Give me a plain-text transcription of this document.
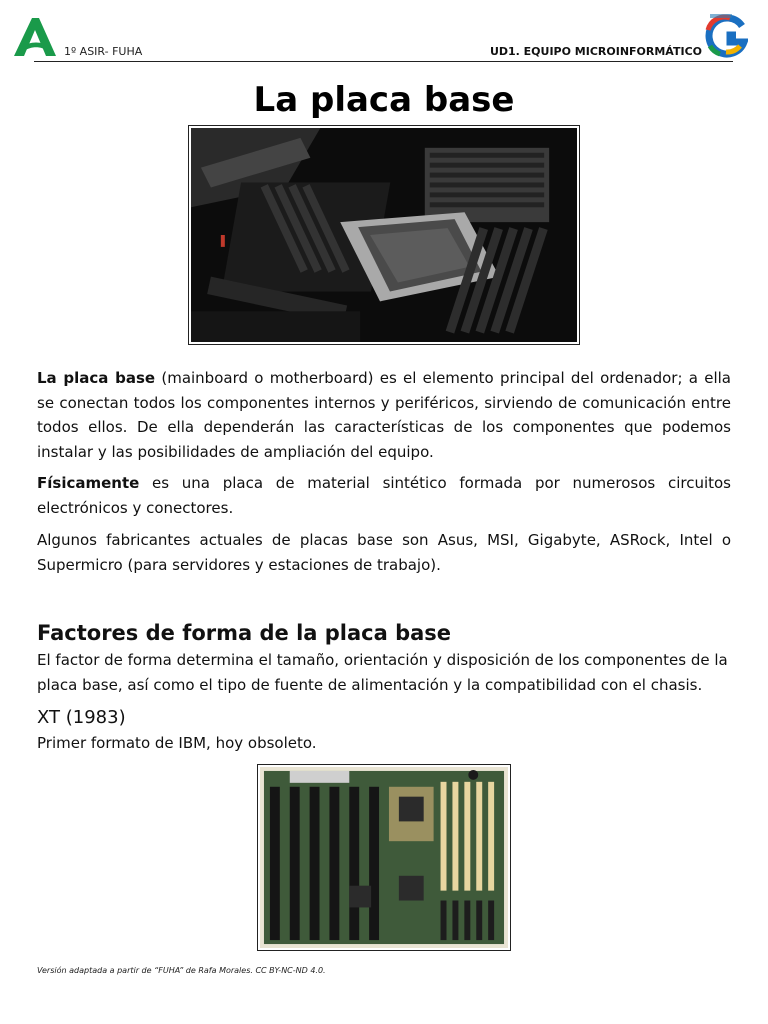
1º ASIR- FUHA	UD1. EQUIPO MICROINFORMÁTICO
La placa base

La placa base (mainboard o motherboard) es el elemento principal del ordenador; a ella se conectan todos los componentes internos y periféricos, sirviendo de comunicación entre todos ellos. De ella dependerán las características de los componentes que podemos instalar y las posibilidades de ampliación del equipo.

Físicamente es una placa de material sintético formada por numerosos circuitos electrónicos y conectores.

Algunos fabricantes actuales de placas base son Asus, MSI, Gigabyte, ASRock, Intel o Supermicro (para servidores y estaciones de trabajo).

Factores de forma de la placa base

El factor de forma determina el tamaño, orientación y disposición de los componentes de la placa base, así como el tipo de fuente de alimentación y la compatibilidad con el chasis.

XT (1983)
Primer formato de IBM, hoy obsoleto.
Versión adaptada a partir de “FUHA” de Rafa Morales. CC BY-NC-ND 4.0.
